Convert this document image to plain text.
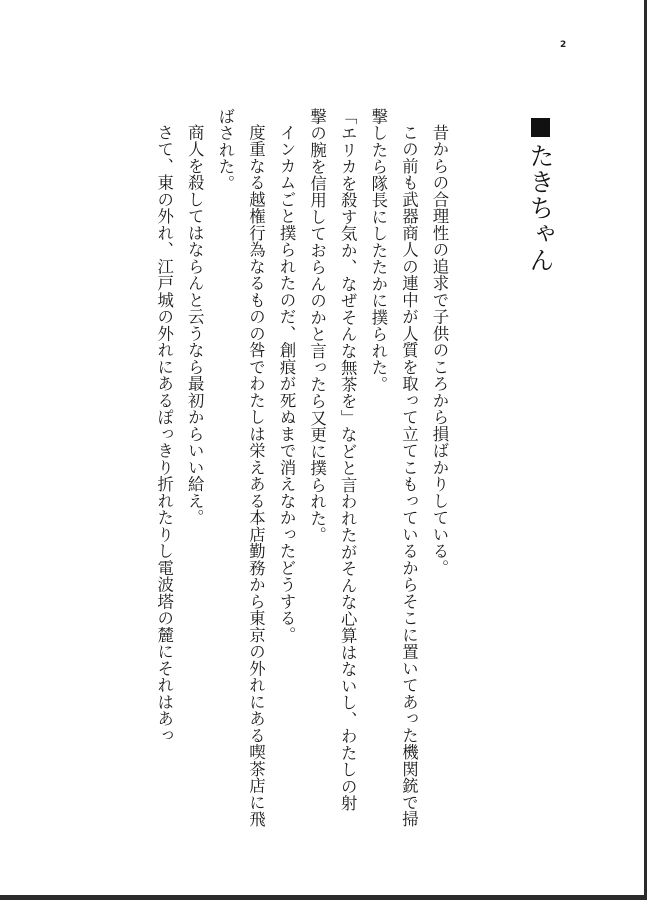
2
たきちゃん

昔からの合理性の追求で子供のころから損ばかりしている。

この前も武器商人の連中が人質を取って立てこもっているからそこに置いてあった機関銃で掃撃したら隊長にしたたかに撲られた。

「エリカを殺す気か、なぜそんな無茶を」などと言われたがそんな心算はないし、わたしの射撃の腕を信用しておらんのかと言ったら又更に撲られた。

インカムごと撲られたのだ、創痕が死ぬまで消えなかったどうする。

度重なる越権行為なるものの咎でわたしは栄えある本店勤務から東京の外れにある喫茶店に飛ばされた。

商人を殺してはならんと云うなら最初からいい給え。

さて、東の外れ、江戸城の外れにあるぽっきり折れたりし電波塔の麓にそれはあっ
